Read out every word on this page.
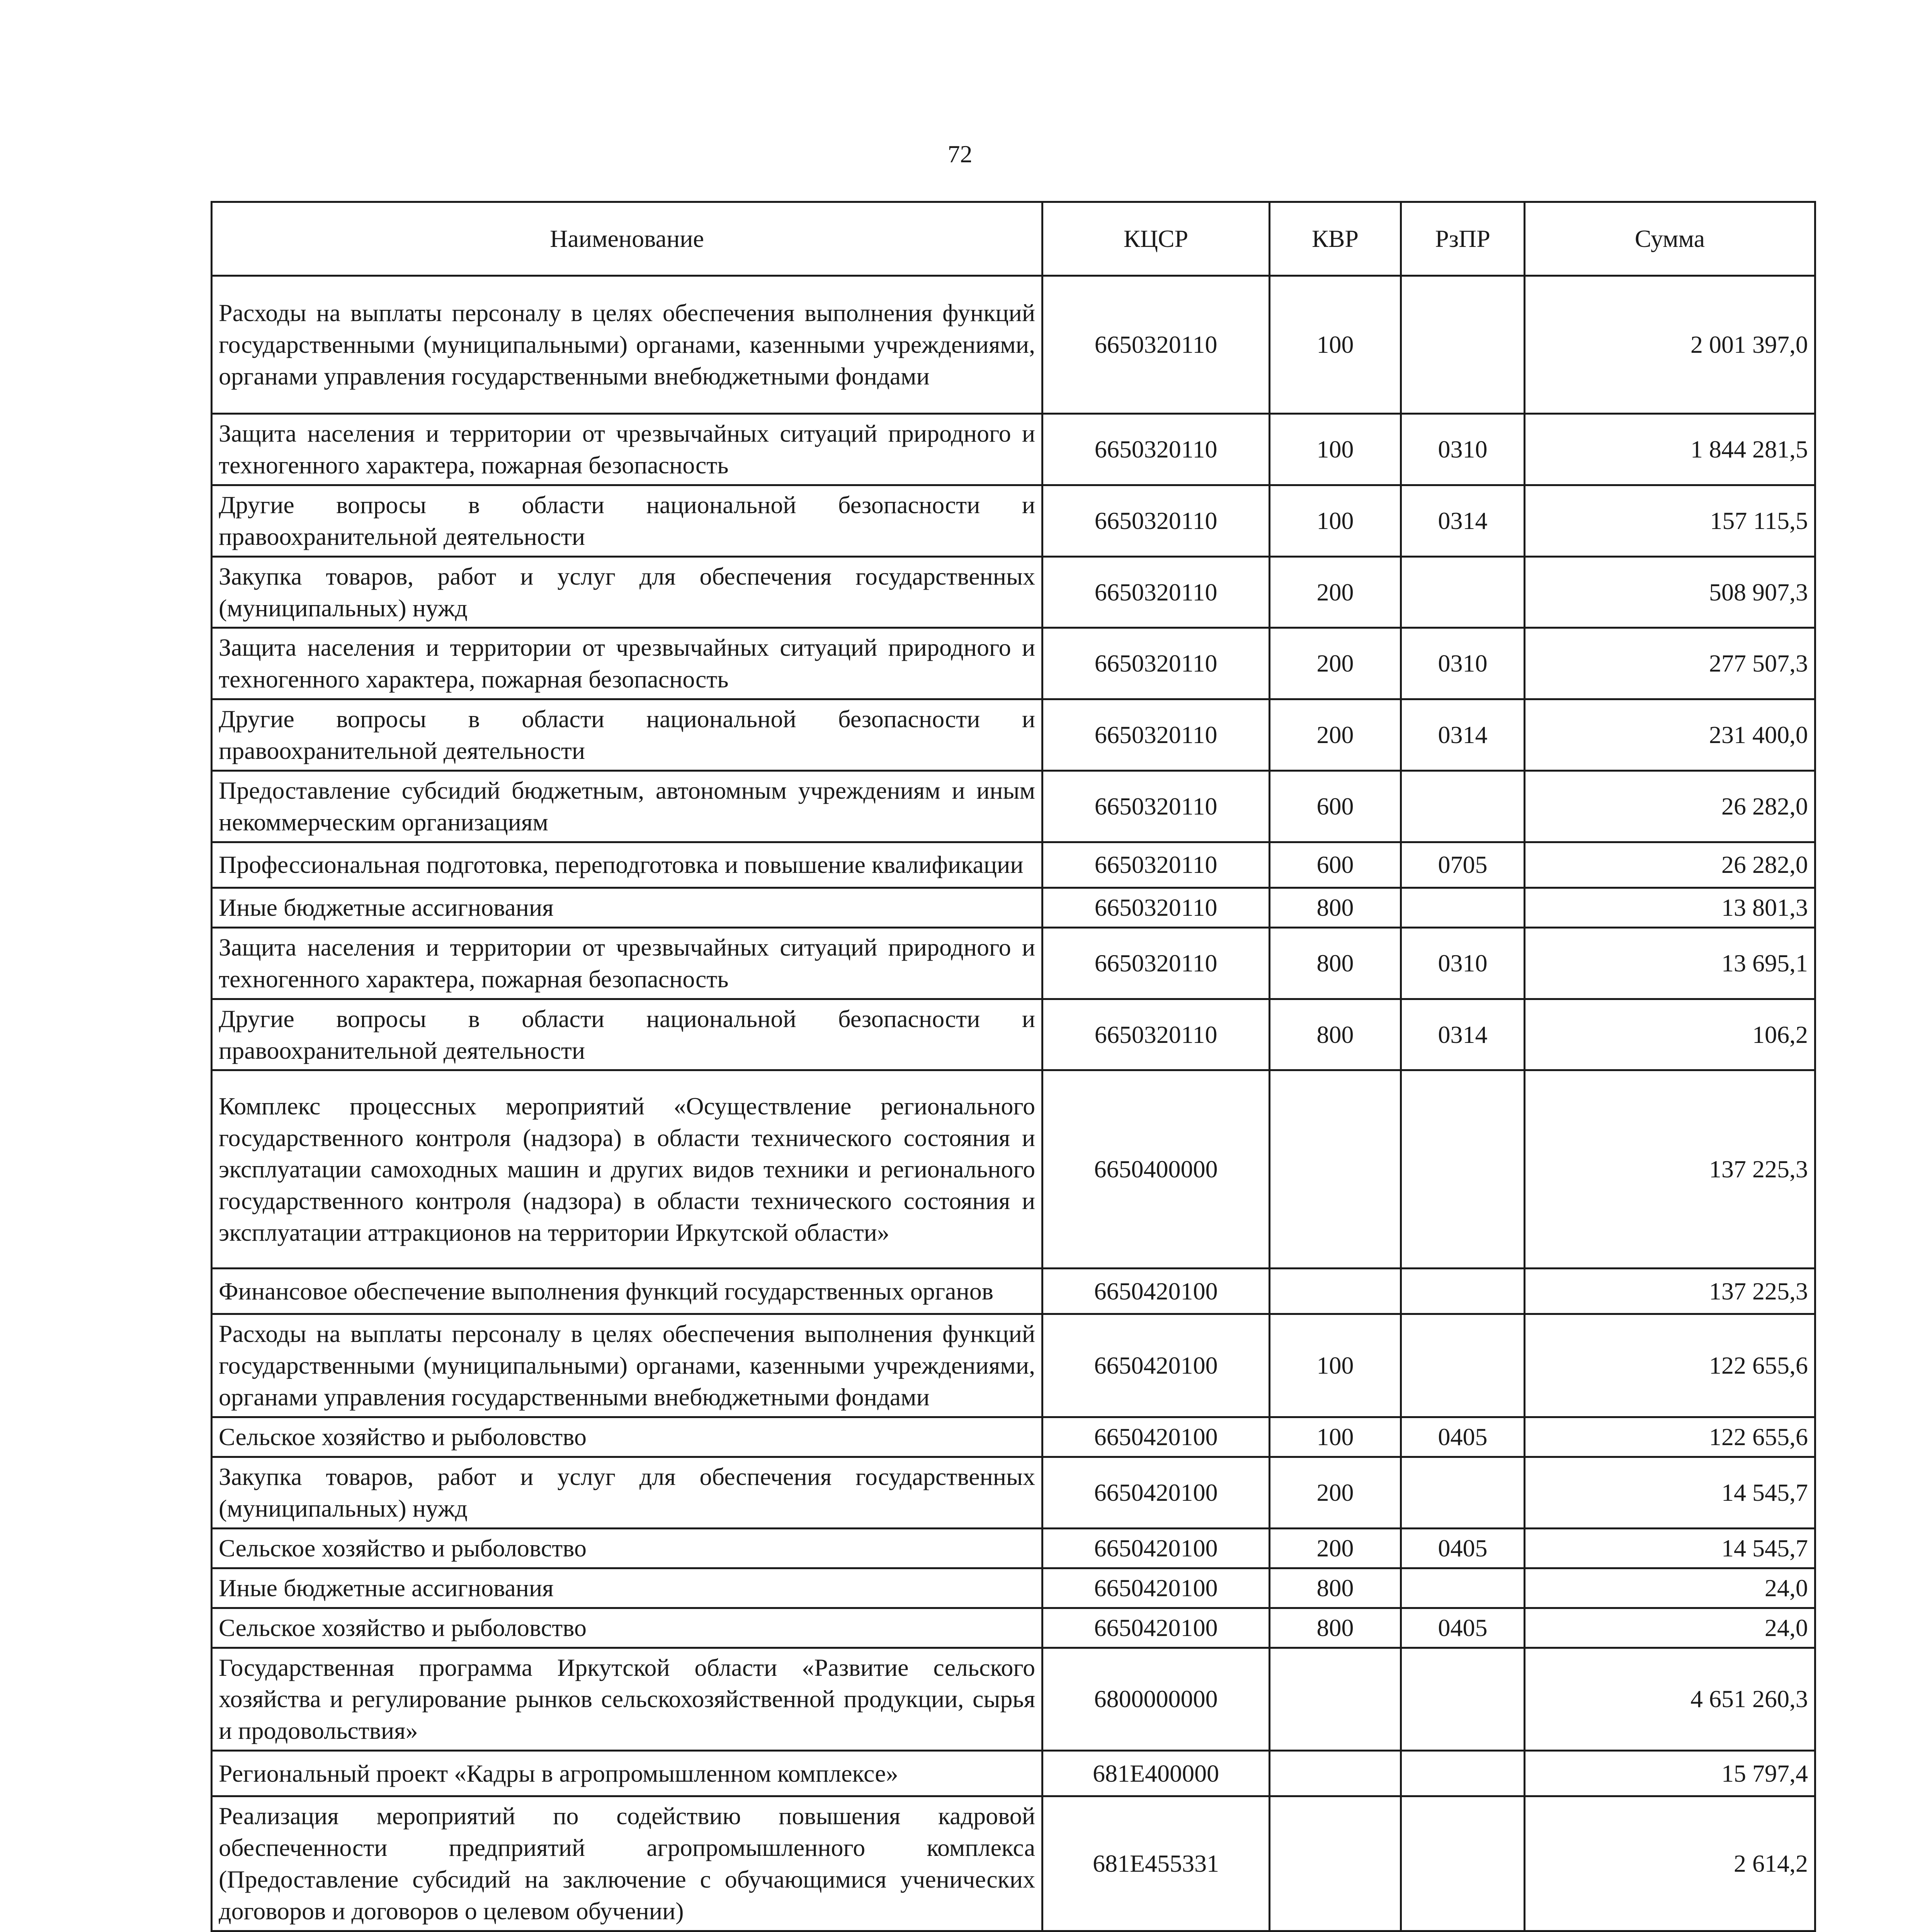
72
Наименование	КЦСР	КВР	РзПР	Сумма
Расходы на выплаты персоналу в целях обеспечения выполнения функций государственными (муниципальными) органами, казенными учреждениями, органами управления государственными внебюджетными фондами	6650320110	100		2 001 397,0
Защита населения и территории от чрезвычайных ситуаций природного и техногенного характера, пожарная безопасность	6650320110	100	0310	1 844 281,5
Другие вопросы в области национальной безопасности и правоохранительной деятельности	6650320110	100	0314	157 115,5
Закупка товаров, работ и услуг для обеспечения государственных (муниципальных) нужд	6650320110	200		508 907,3
Защита населения и территории от чрезвычайных ситуаций природного и техногенного характера, пожарная безопасность	6650320110	200	0310	277 507,3
Другие вопросы в области национальной безопасности и правоохранительной деятельности	6650320110	200	0314	231 400,0
Предоставление субсидий бюджетным, автономным учреждениям и иным некоммерческим организациям	6650320110	600		26 282,0
Профессиональная подготовка, переподготовка и повышение квалификации	6650320110	600	0705	26 282,0
Иные бюджетные ассигнования	6650320110	800		13 801,3
Защита населения и территории от чрезвычайных ситуаций природного и техногенного характера, пожарная безопасность	6650320110	800	0310	13 695,1
Другие вопросы в области национальной безопасности и правоохранительной деятельности	6650320110	800	0314	106,2
Комплекс процессных мероприятий «Осуществление регионального государственного контроля (надзора) в области технического состояния и эксплуатации самоходных машин и других видов техники и регионального государственного контроля (надзора) в области технического состояния и эксплуатации аттракционов на территории Иркутской области»	6650400000			137 225,3
Финансовое обеспечение выполнения функций государственных органов	6650420100			137 225,3
Расходы на выплаты персоналу в целях обеспечения выполнения функций государственными (муниципальными) органами, казенными учреждениями, органами управления государственными внебюджетными фондами	6650420100	100		122 655,6
Сельское хозяйство и рыболовство	6650420100	100	0405	122 655,6
Закупка товаров, работ и услуг для обеспечения государственных (муниципальных) нужд	6650420100	200		14 545,7
Сельское хозяйство и рыболовство	6650420100	200	0405	14 545,7
Иные бюджетные ассигнования	6650420100	800		24,0
Сельское хозяйство и рыболовство	6650420100	800	0405	24,0
Государственная программа Иркутской области «Развитие сельского хозяйства и регулирование рынков сельскохозяйственной продукции, сырья и продовольствия»	6800000000			4 651 260,3
Региональный проект «Кадры в агропромышленном комплексе»	681E400000			15 797,4
Реализация мероприятий по содействию повышения кадровой обеспеченности предприятий агропромышленного комплекса (Предоставление субсидий на заключение с обучающимися ученических договоров и договоров о целевом обучении)	681E455331			2 614,2
